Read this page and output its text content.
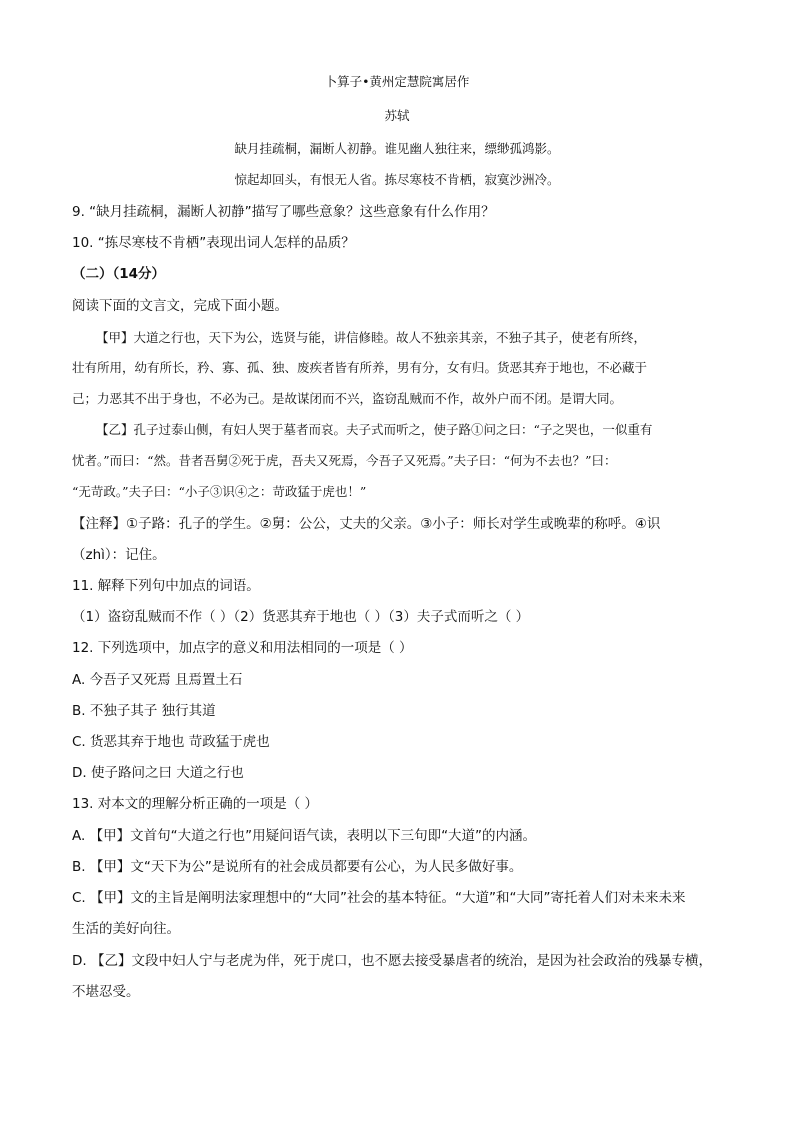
卜算子•黄州定慧院寓居作
苏轼
缺月挂疏桐，漏断人初静。谁见幽人独往来，缥缈孤鸿影。
惊起却回头，有恨无人省。拣尽寒枝不肯栖，寂寞沙洲冷。
9. “缺月挂疏桐，漏断人初静”描写了哪些意象？这些意象有什么作用？
10. “拣尽寒枝不肯栖”表现出词人怎样的品质？
（二）（14分）
阅读下面的文言文，完成下面小题。
【甲】大道之行也，天下为公，选贤与能，讲信修睦。故人不独亲其亲，不独子其子，使老有所终，
壮有所用，幼有所长，矜、寡、孤、独、废疾者皆有所养，男有分，女有归。货恶其弃于地也，不必藏于
己；力恶其不出于身也，不必为己。是故谋闭而不兴，盗窃乱贼而不作，故外户而不闭。是谓大同。
【乙】孔子过泰山侧，有妇人哭于墓者而哀。夫子式而听之，使子路①问之曰：“子之哭也，一似重有
忧者。”而曰：“然。昔者吾舅②死于虎，吾夫又死焉，今吾子又死焉。”夫子曰：“何为不去也？”曰：
“无苛政。”夫子曰：“小子③识④之：苛政猛于虎也！”
【注释】①子路：孔子的学生。②舅：公公，丈夫的父亲。③小子：师长对学生或晚辈的称呼。④识
（zhì）：记住。
11. 解释下列句中加点的词语。
（1）盗窃乱贼而不作（ ）（2）货恶其弃于地也（ ）（3）夫子式而听之（ ）
12. 下列选项中，加点字的意义和用法相同的一项是（ ）
A. 今吾子又死焉 且焉置土石
B. 不独子其子 独行其道
C. 货恶其弃于地也 苛政猛于虎也
D. 使子路问之曰 大道之行也
13. 对本文的理解分析正确的一项是（ ）
A. 【甲】文首句“大道之行也”用疑问语气读，表明以下三句即“大道”的内涵。
B. 【甲】文“天下为公”是说所有的社会成员都要有公心，为人民多做好事。
C. 【甲】文的主旨是阐明法家理想中的“大同”社会的基本特征。“大道”和“大同”寄托着人们对未来未来
生活的美好向往。
D. 【乙】文段中妇人宁与老虎为伴，死于虎口，也不愿去接受暴虐者的统治，是因为社会政治的残暴专横，
不堪忍受。
